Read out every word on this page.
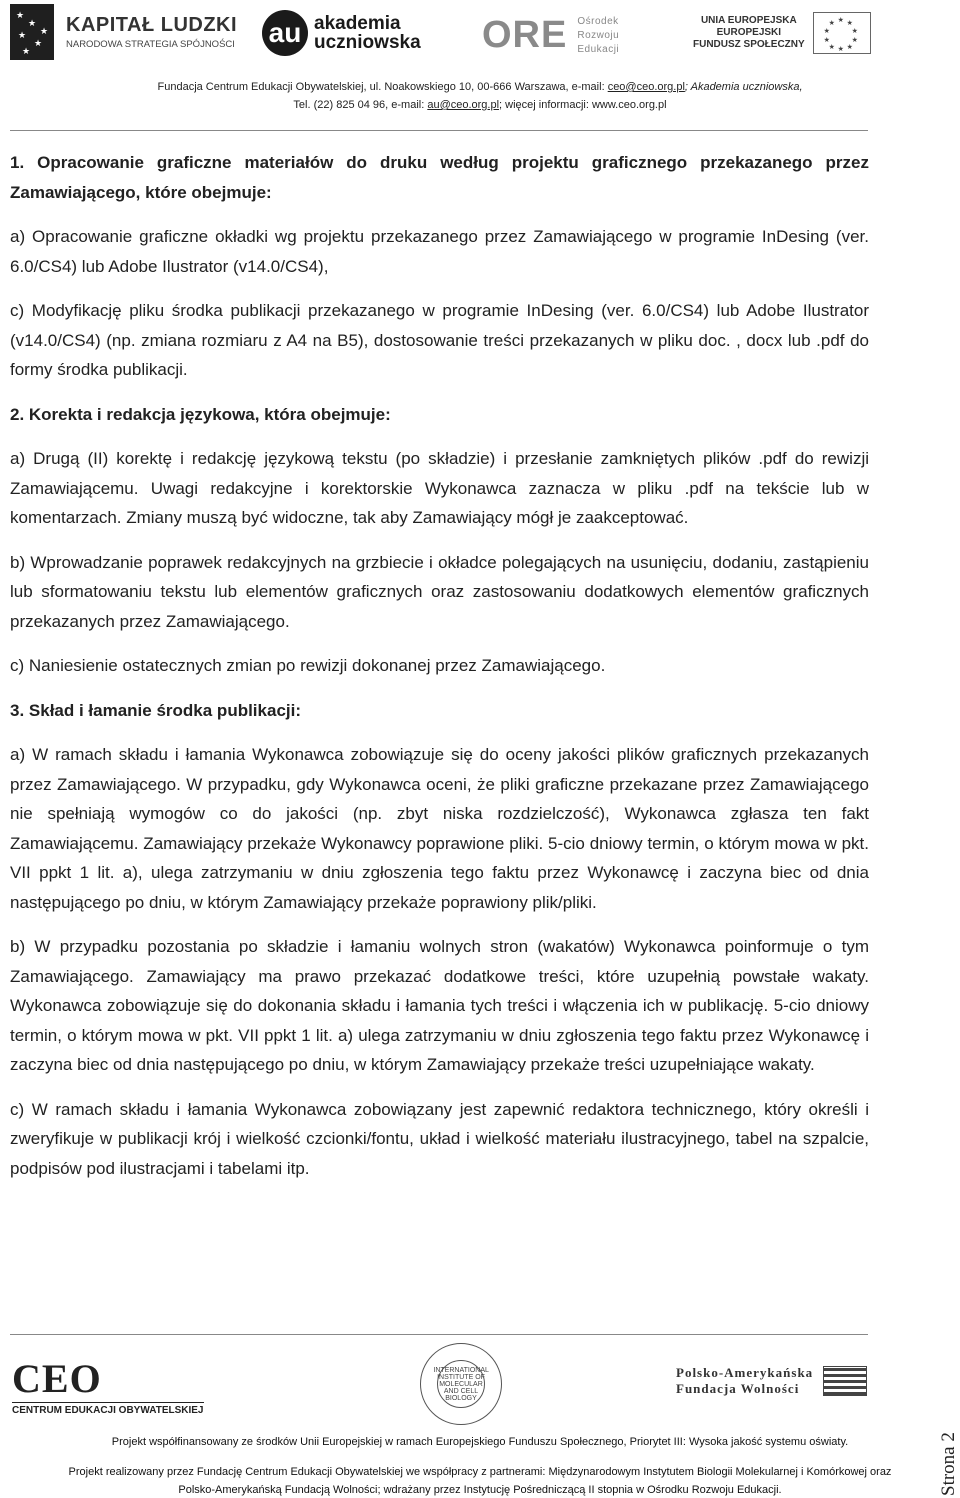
★
★
★
★
★
★ KAPITAŁ LUDZKI
NARODOWA STRATEGIA SPÓJNOŚCI au akademia
uczniowska ORE Ośrodek
Rozwoju
Edukacji
UNIA EUROPEJSKA
EUROPEJSKI
FUNDUSZ SPOŁECZNY
★ ★
★
★
★
★
★
★
★
★
Fundacja Centrum Edukacji Obywatelskiej, ul. Noakowskiego 10, 00-666 Warszawa, e-mail: ceo@ceo.org.pl; Akademia uczniowska,
Tel. (22) 825 04 96, e-mail: au@ceo.org.pl; więcej informacji: www.ceo.org.pl

1. Opracowanie graficzne materiałów do druku według projektu graficznego przekazanego przez Zamawiającego, które obejmuje:

a) Opracowanie graficzne okładki wg projektu przekazanego przez Zamawiającego w programie InDesing (ver. 6.0/CS4) lub Adobe Ilustrator (v14.0/CS4),

c) Modyfikację pliku środka publikacji przekazanego w programie InDesing (ver. 6.0/CS4) lub Adobe Ilustrator (v14.0/CS4) (np. zmiana rozmiaru z A4 na B5), dostosowanie treści przekazanych w pliku doc. , docx lub .pdf do formy środka publikacji.

2. Korekta i redakcja językowa, która obejmuje:

a) Drugą (II) korektę i redakcję językową tekstu (po składzie) i przesłanie zamkniętych plików .pdf do rewizji Zamawiającemu. Uwagi redakcyjne i korektorskie Wykonawca zaznacza w pliku .pdf na tekście lub w komentarzach. Zmiany muszą być widoczne, tak aby Zamawiający mógł je zaakceptować.

b) Wprowadzanie poprawek redakcyjnych na grzbiecie i okładce polegających na usunięciu, dodaniu, zastąpieniu lub sformatowaniu tekstu lub elementów graficznych oraz zastosowaniu dodatkowych elementów graficznych przekazanych przez Zamawiającego.

c) Naniesienie ostatecznych zmian po rewizji dokonanej przez Zamawiającego.

3. Skład i łamanie środka publikacji:

a) W ramach składu i łamania Wykonawca zobowiązuje się do oceny jakości plików graficznych przekazanych przez Zamawiającego. W przypadku, gdy Wykonawca oceni, że pliki graficzne przekazane przez Zamawiającego nie spełniają wymogów co do jakości (np. zbyt niska rozdzielczość), Wykonawca zgłasza ten fakt Zamawiającemu. Zamawiający przekaże Wykonawcy poprawione pliki. 5-cio dniowy termin, o którym mowa w pkt. VII ppkt 1 lit. a), ulega zatrzymaniu w dniu zgłoszenia tego faktu przez Wykonawcę i zaczyna biec od dnia następującego po dniu, w którym Zamawiający przekaże poprawiony plik/pliki.

b) W przypadku pozostania po składzie i łamaniu wolnych stron (wakatów) Wykonawca poinformuje o tym Zamawiającego. Zamawiający ma prawo przekazać dodatkowe treści, które uzupełnią powstałe wakaty. Wykonawca zobowiązuje się do dokonania składu i łamania tych treści i włączenia ich w publikację. 5-cio dniowy termin, o którym mowa w pkt. VII ppkt 1 lit. a) ulega zatrzymaniu w dniu zgłoszenia tego faktu przez Wykonawcę i zaczyna biec od dnia następującego po dniu, w którym Zamawiający przekaże treści uzupełniające wakaty.

c) W ramach składu i łamania Wykonawca zobowiązany jest zapewnić redaktora technicznego, który określi i zweryfikuje w publikacji krój i wielkość czcionki/fontu, układ i wielkość materiału ilustracyjnego, tabel na szpalcie, podpisów pod ilustracjami i tabelami itp.

CEO
CENTRUM EDUKACJI OBYWATELSKIEJ
INTERNATIONAL INSTITUTE OF MOLECULAR AND CELL BIOLOGY
Polsko-Amerykańska
Fundacja Wolności
Projekt współfinansowany ze środków Unii Europejskiej w ramach Europejskiego Funduszu Społecznego, Priorytet III: Wysoka jakość systemu oświaty.
Projekt realizowany przez Fundację Centrum Edukacji Obywatelskiej we współpracy z partnerami: Międzynarodowym Instytutem Biologii Molekularnej i Komórkowej oraz
Polsko-Amerykańską Fundacją Wolności; wdrażany przez Instytucję Pośredniczącą II stopnia w Ośrodku Rozwoju Edukacji.	Strona 2
